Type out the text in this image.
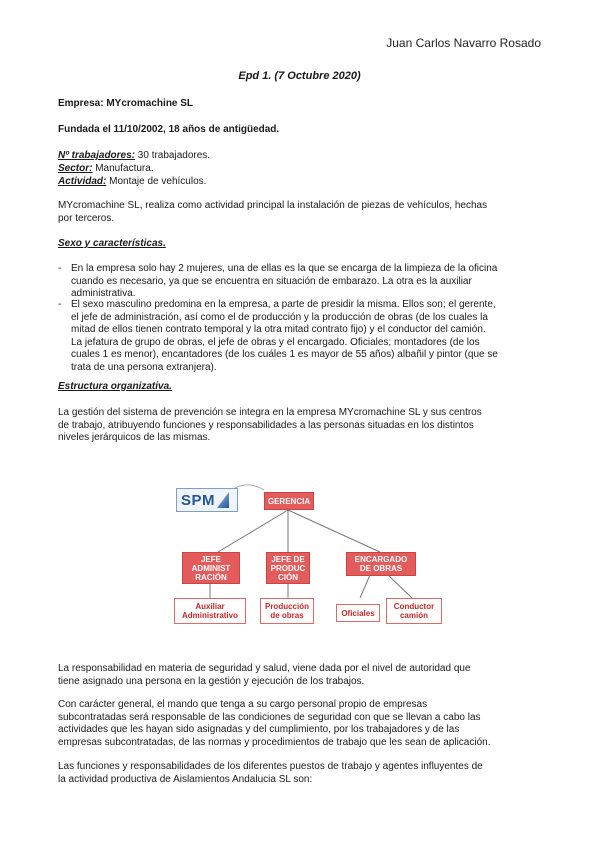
Juan Carlos Navarro Rosado
Epd 1. (7 Octubre 2020)
Empresa: MYcromachine SL
Fundada el 11/10/2002, 18 años de antigüedad.
Nº trabajadores: 30 trabajadores.
Sector: Manufactura.
Actividad: Montaje de vehículos.
MYcromachine SL, realiza como actividad principal la instalación de piezas de vehículos, hechas
por terceros.
Sexo y características.
- En la empresa solo hay 2 mujeres, una de ellas es la que se encarga de la limpieza de la oficina
cuando es necesario, ya que se encuentra en situación de embarazo. La otra es la auxiliar
administrativa.
- El sexo masculino predomina en la empresa, a parte de presidir la misma. Ellos son; el gerente,
el jefe de administración, así como el de producción y la producción de obras (de los cuales la
mitad de ellos tienen contrato temporal y la otra mitad contrato fijo) y el conductor del camión.
La jefatura de grupo de obras, el jefe de obras y el encargado. Oficiales; montadores (de los
cuales 1 es menor), encantadores (de los cuáles 1 es mayor de 55 años) albañil y pintor (que se
trata de una persona extranjera).
Estructura organizativa.
La gestión del sistema de prevención se integra en la empresa MYcromachine SL y sus centros
de trabajo, atribuyendo funciones y responsabilidades a las personas situadas en los distintos
niveles jerárquicos de las mismas.
SPM	GERENCIA
JEFE
ADMINIST
RACIÓN
JEFE DE
PRODUC
CIÓN
ENCARGADO
DE OBRAS
Auxiliar
Administrativo
Producción
de obras	Oficiales
Conductor
camión
La responsabilidad en materia de seguridad y salud, viene dada por el nivel de autoridad que
tiene asignado una persona en la gestión y ejecución de los trabajos.
Con carácter general, el mando que tenga a su cargo personal propio de empresas
subcontratadas será responsable de las condiciones de seguridad con que se llevan a cabo las
actividades que les hayan sido asignadas y del cumplimiento, por los trabajadores y de las
empresas subcontratadas, de las normas y procedimientos de trabajo que les sean de aplicación.
Las funciones y responsabilidades de los diferentes puestos de trabajo y agentes influyentes de
la actividad productiva de Aislamientos Andalucia SL son:
